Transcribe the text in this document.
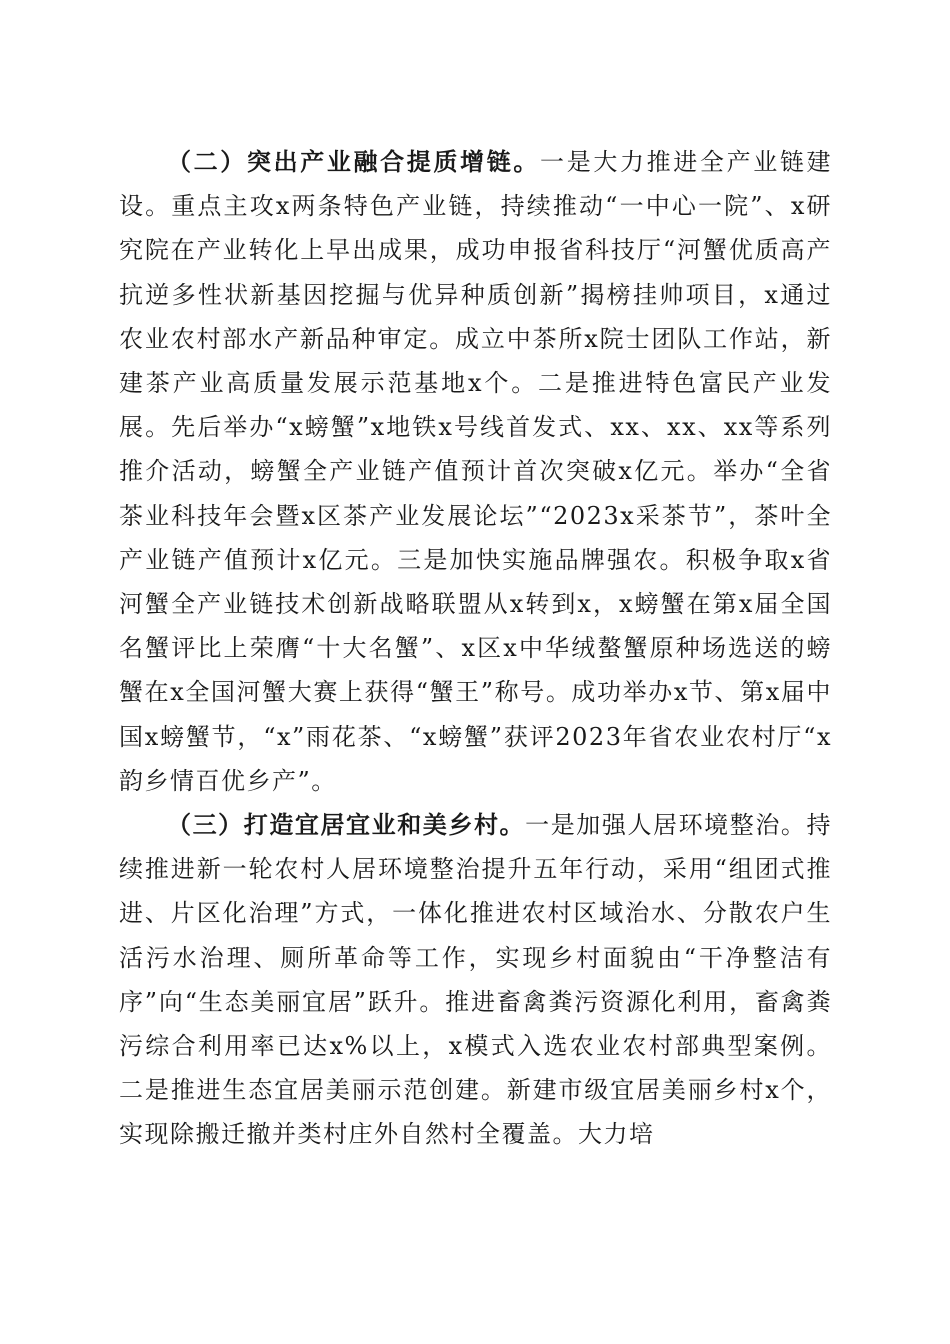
（二）突出产业融合提质增链。一是大力推进全产业链建设。重点主攻x两条特色产业链，持续推动“一中心一院”、x研究院在产业转化上早出成果，成功申报省科技厅“河蟹优质高产抗逆多性状新基因挖掘与优异种质创新”揭榜挂帅项目，x通过农业农村部水产新品种审定。成立中茶所x院士团队工作站，新建茶产业高质量发展示范基地x个。二是推进特色富民产业发展。先后举办“x螃蟹”x地铁x号线首发式、xx、xx、xx等系列推介活动，螃蟹全产业链产值预计首次突破x亿元。举办“全省茶业科技年会暨x区茶产业发展论坛”“2023x采茶节”，茶叶全产业链产值预计x亿元。三是加快实施品牌强农。积极争取x省河蟹全产业链技术创新战略联盟从x转到x，x螃蟹在第x届全国名蟹评比上荣膺“十大名蟹”、x区x中华绒螯蟹原种场选送的螃蟹在x全国河蟹大赛上获得“蟹王”称号。成功举办x节、第x届中国x螃蟹节，“x”雨花茶、“x螃蟹”获评2023年省农业农村厅“x韵乡情百优乡产”。

（三）打造宜居宜业和美乡村。一是加强人居环境整治。持续推进新一轮农村人居环境整治提升五年行动，采用“组团式推进、片区化治理”方式，一体化推进农村区域治水、分散农户生活污水治理、厕所革命等工作，实现乡村面貌由“干净整洁有序”向“生态美丽宜居”跃升。推进畜禽粪污资源化利用，畜禽粪污综合利用率已达x%以上，x模式入选农业农村部典型案例。二是推进生态宜居美丽示范创建。新建市级宜居美丽乡村x个，实现除搬迁撤并类村庄外自然村全覆盖。大力培
